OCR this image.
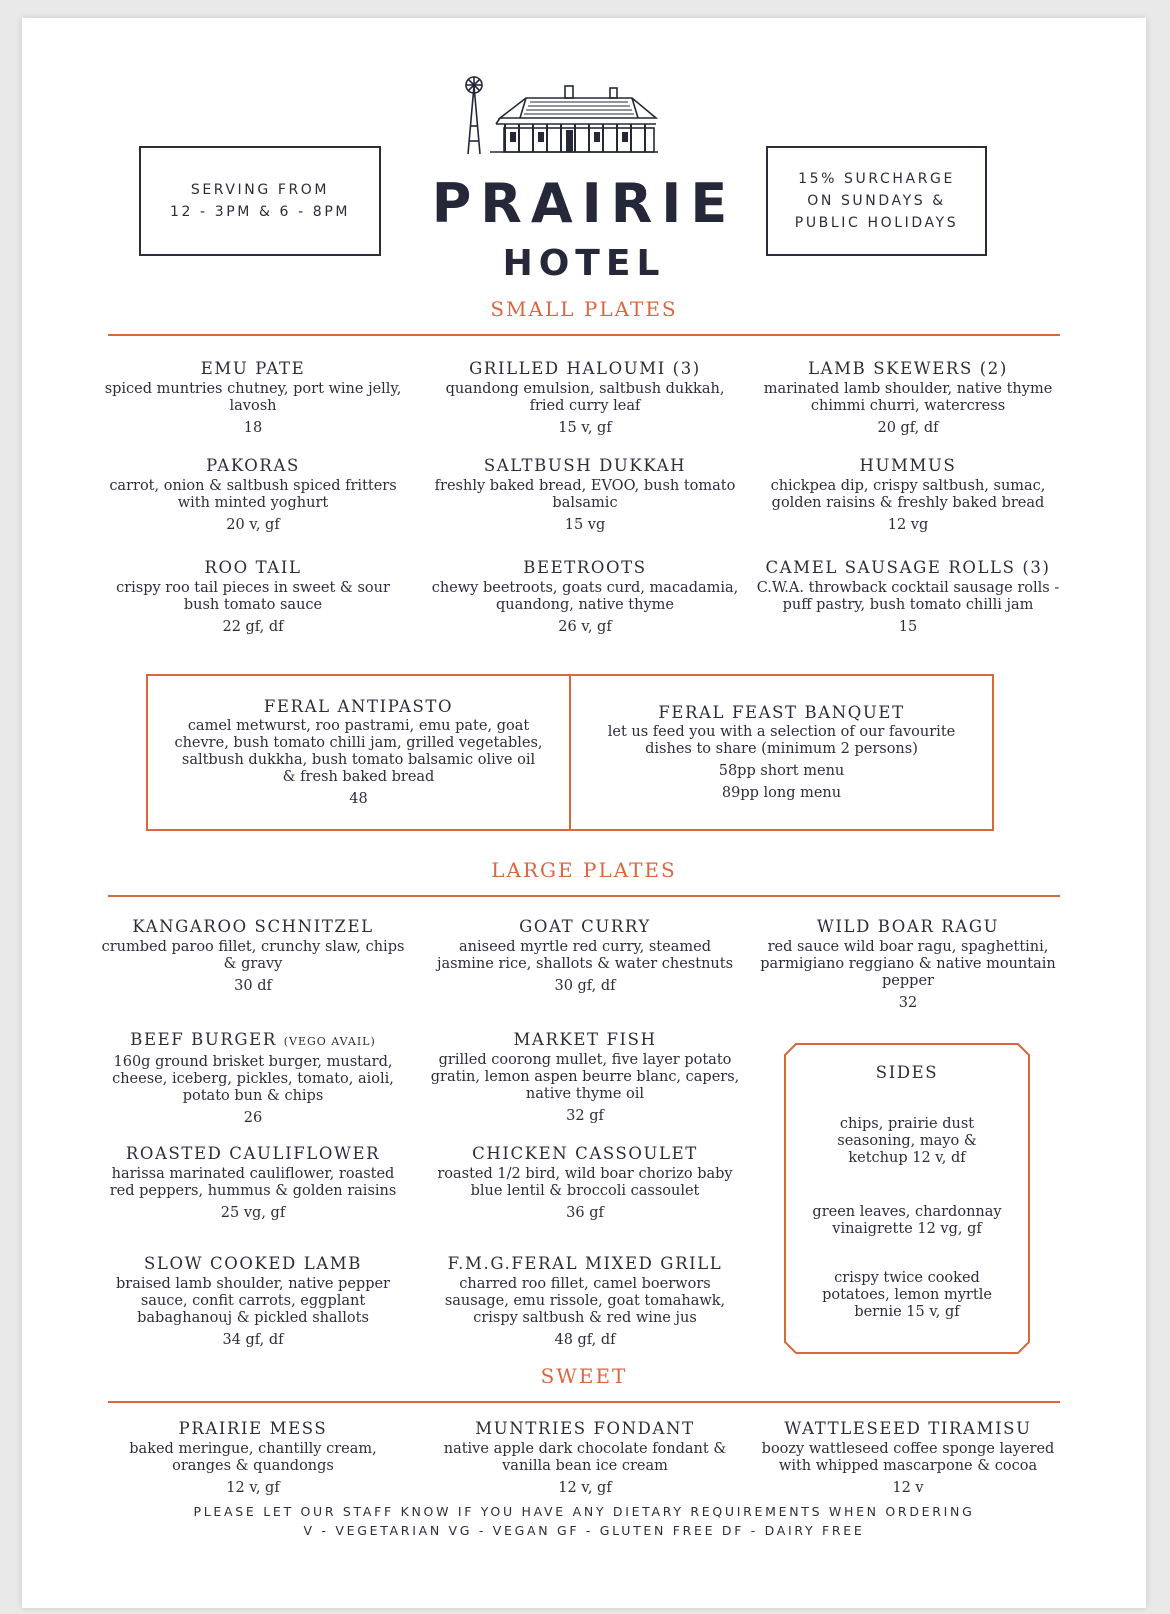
PRAIRIE
HOTEL
SERVING FROM
12 - 3PM & 6 - 8PM
15% SURCHARGE
ON SUNDAYS &
PUBLIC HOLIDAYS
SMALL PLATES
EMU PATE
spiced muntries chutney, port wine jelly, lavosh
18
GRILLED HALOUMI (3)
quandong emulsion, saltbush dukkah, fried curry leaf
15 v, gf
LAMB SKEWERS (2)
marinated lamb shoulder, native thyme chimmi churri, watercress
20 gf, df
PAKORAS
carrot, onion & saltbush spiced fritters with minted yoghurt
20 v, gf
SALTBUSH DUKKAH
freshly baked bread, EVOO, bush tomato balsamic
15 vg
HUMMUS
chickpea dip, crispy saltbush, sumac, golden raisins & freshly baked bread
12 vg
ROO TAIL
crispy roo tail pieces in sweet & sour bush tomato sauce
22 gf, df
BEETROOTS
chewy beetroots, goats curd, macadamia, quandong, native thyme
26 v, gf
CAMEL SAUSAGE ROLLS (3)
C.W.A. throwback cocktail sausage rolls - puff pastry, bush tomato chilli jam
15
FERAL ANTIPASTO
camel metwurst, roo pastrami, emu pate, goat chevre, bush tomato chilli jam, grilled vegetables, saltbush dukkha, bush tomato balsamic olive oil & fresh baked bread
48
FERAL FEAST BANQUET
let us feed you with a selection of our favourite dishes to share (minimum 2 persons)
58pp short menu
89pp long menu
LARGE PLATES
KANGAROO SCHNITZEL
crumbed paroo fillet, crunchy slaw, chips & gravy
30 df
GOAT CURRY
aniseed myrtle red curry, steamed jasmine rice, shallots & water chestnuts
30 gf, df
WILD BOAR RAGU
red sauce wild boar ragu, spaghettini, parmigiano reggiano & native mountain pepper
32
BEEF BURGER (VEGO AVAIL)
160g ground brisket burger, mustard, cheese, iceberg, pickles, tomato, aioli, potato bun & chips
26
MARKET FISH
grilled coorong mullet, five layer potato gratin, lemon aspen beurre blanc, capers, native thyme oil
32 gf
ROASTED CAULIFLOWER
harissa marinated cauliflower, roasted red peppers, hummus & golden raisins
25 vg, gf
CHICKEN CASSOULET
roasted 1/2 bird, wild boar chorizo baby blue lentil & broccoli cassoulet
36 gf
SLOW COOKED LAMB
braised lamb shoulder, native pepper sauce, confit carrots, eggplant babaghanouj & pickled shallots
34 gf, df
F.M.G.FERAL MIXED GRILL
charred roo fillet, camel boerwors sausage, emu rissole, goat tomahawk, crispy saltbush & red wine jus
48 gf, df
SIDES
chips, prairie dust seasoning, mayo & ketchup 12 v, df
green leaves, chardonnay vinaigrette 12 vg, gf
crispy twice cooked potatoes, lemon myrtle bernie 15 v, gf
SWEET
PRAIRIE MESS
baked meringue, chantilly cream, oranges & quandongs
12 v, gf
MUNTRIES FONDANT
native apple dark chocolate fondant & vanilla bean ice cream
12 v, gf
WATTLESEED TIRAMISU
boozy wattleseed coffee sponge layered with whipped mascarpone & cocoa
12 v
PLEASE LET OUR STAFF KNOW IF YOU HAVE ANY DIETARY REQUIREMENTS WHEN ORDERING
V - VEGETARIAN VG - VEGAN GF - GLUTEN FREE DF - DAIRY FREE
